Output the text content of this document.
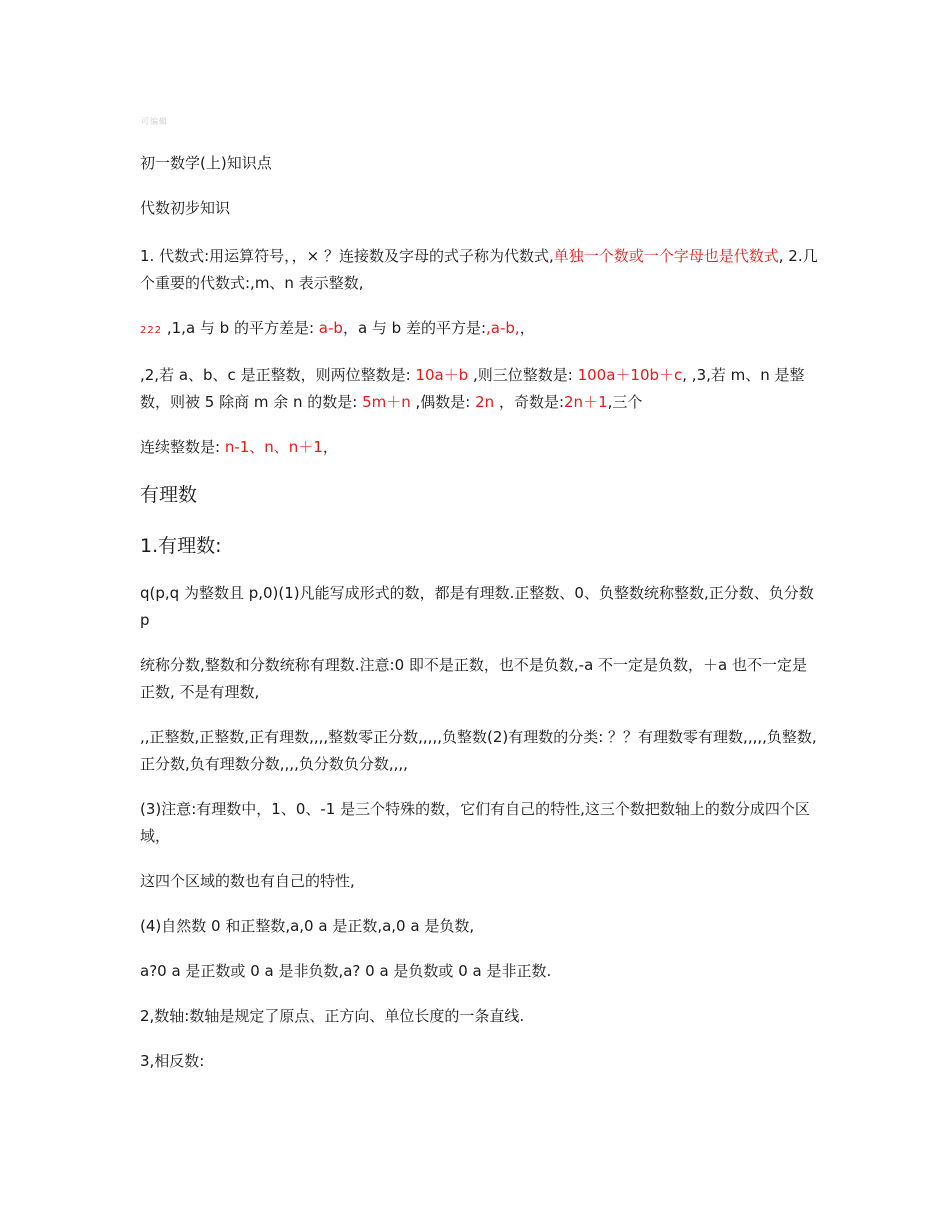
可编辑

初一数学(上)知识点

代数初步知识

1. 代数式:用运算符号，，× ？连接数及字母的式子称为代数式,单独一个数或一个字母也是代数式, 2.几个重要的代数式:,m、n 表示整数,

222 ,1,a 与 b 的平方差是: a-b，a 与 b 差的平方是:,a-b,，

,2,若 a、b、c 是正整数，则两位整数是: 10a＋b ,则三位整数是: 100a＋10b＋c, ,3,若 m、n 是整数，则被 5 除商 m 余 n 的数是: 5m＋n ,偶数是: 2n ，奇数是:2n＋1,三个

连续整数是: n-1、n、n＋1，

有理数

1.有理数:

q(p,q 为整数且 p,0)(1)凡能写成形式的数，都是有理数.正整数、0、负整数统称整数,正分数、负分数 p

统称分数,整数和分数统称有理数.注意:0 即不是正数，也不是负数,-a 不一定是负数，＋a 也不一定是正数, 不是有理数,

,,正整数,正整数,正有理数,,,,整数零正分数,,,,,负整数(2)有理数的分类: ？？有理数零有理数,,,,,负整数,正分数,负有理数分数,,,,负分数负分数,,,,

(3)注意:有理数中，1、0、-1 是三个特殊的数，它们有自己的特性,这三个数把数轴上的数分成四个区域，

这四个区域的数也有自己的特性,

(4)自然数 0 和正整数,a,0 a 是正数,a,0 a 是负数,

a?0 a 是正数或 0 a 是非负数,a? 0 a 是负数或 0 a 是非正数.

2,数轴:数轴是规定了原点、正方向、单位长度的一条直线.

3,相反数:
